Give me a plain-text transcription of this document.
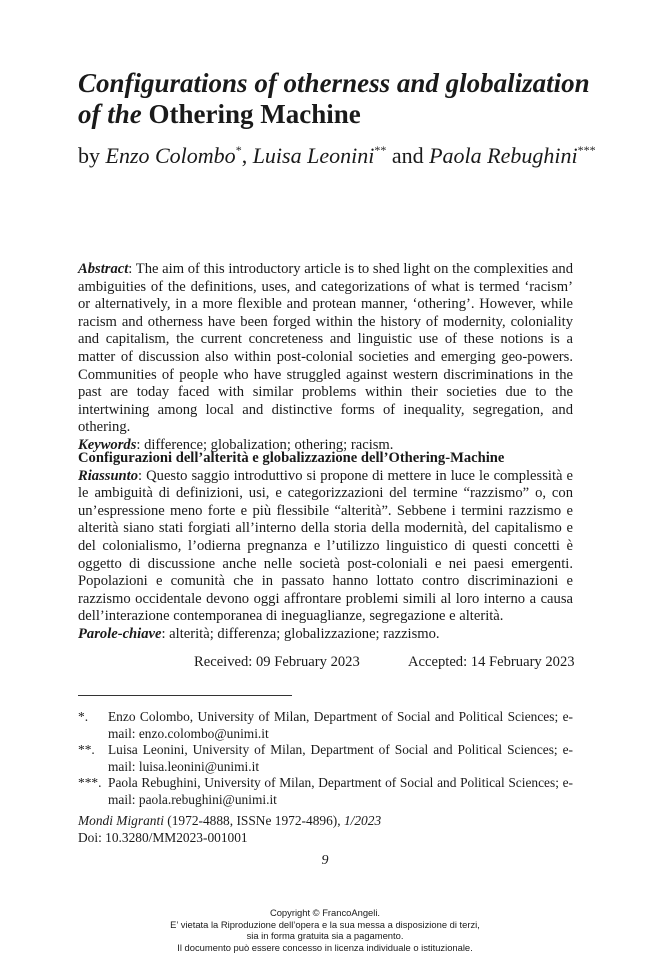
Configurations of otherness and globalization
of the Othering Machine
by Enzo Colombo*, Luisa Leonini** and Paola Rebughini***

Abstract: The aim of this introductory article is to shed light on the complexities and ambiguities of the definitions, uses, and categorizations of what is termed ‘racism’ or alternatively, in a more flexible and protean manner, ‘othering’. However, while racism and otherness have been forged within the history of modernity, coloniality and capitalism, the current concreteness and linguistic use of these notions is a matter of discussion also within post-colonial societies and emerging geo-powers. Communities of people who have struggled against western discriminations in the past are today faced with similar problems within their societies due to the intertwining among local and distinctive forms of inequality, segregation, and othering.

Keywords: difference; globalization; othering; racism.

Configurazioni dell’alterità e globalizzazione dell’Othering-Machine

Riassunto: Questo saggio introduttivo si propone di mettere in luce le complessità e le ambiguità di definizioni, usi, e categorizzazioni del termine “razzismo” o, con un’espressione meno forte e più flessibile “alterità”. Sebbene i termini razzismo e alterità siano stati forgiati all’interno della storia della modernità, del capitalismo e del colonialismo, l’odierna pregnanza e l’utilizzo linguistico di questi concetti è oggetto di discussione anche nelle società post-coloniali e nei paesi emergenti. Popolazioni e comunità che in passato hanno lottato contro discriminazioni e razzismo occidentale devono oggi affrontare problemi simili al loro interno a causa dell’interazione contemporanea di ineguaglianze, segregazione e alterità.

Parole-chiave: alterità; differenza; globalizzazione; razzismo.

Received: 09 February 2023	Accepted: 14 February 2023
*.	Enzo Colombo, University of Milan, Department of Social and Political Sciences; e-mail: enzo.colombo@unimi.it
**. Luisa Leonini, University of Milan, Department of Social and Political Sciences; e-mail: luisa.leonini@unimi.it
***. Paola Rebughini, University of Milan, Department of Social and Political Sciences; e-mail: paola.rebughini@unimi.it
Mondi Migranti (1972-4888, ISSNe 1972-4896), 1/2023
Doi: 10.3280/MM2023-001001
9
Copyright © FrancoAngeli.
E’ vietata la Riproduzione dell’opera e la sua messa a disposizione di terzi,
sia in forma gratuita sia a pagamento.
Il documento può essere concesso in licenza individuale o istituzionale.
